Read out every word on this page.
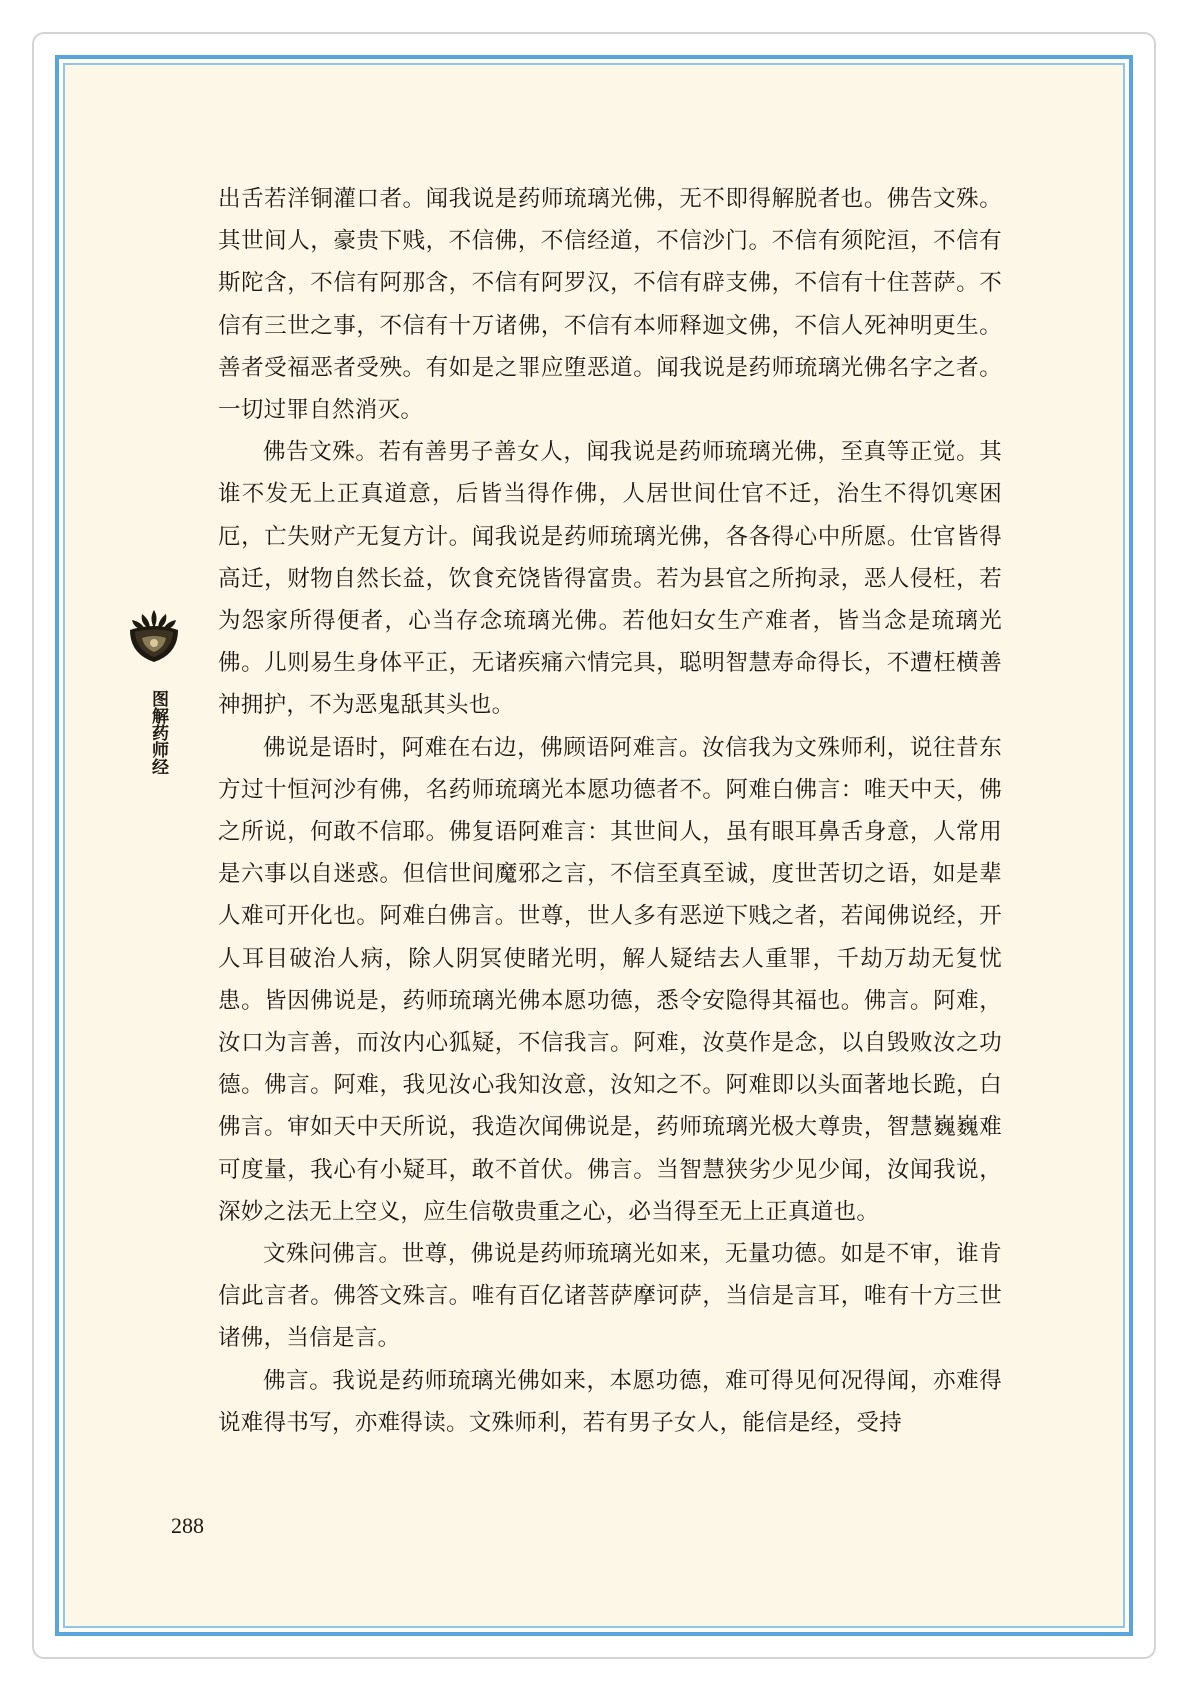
图解药师经

出舌若洋铜灌口者。闻我说是药师琉璃光佛，无不即得解脱者也。佛告文殊。其世间人，豪贵下贱，不信佛，不信经道，不信沙门。不信有须陀洹，不信有斯陀含，不信有阿那含，不信有阿罗汉，不信有辟支佛，不信有十住菩萨。不信有三世之事，不信有十万诸佛，不信有本师释迦文佛，不信人死神明更生。善者受福恶者受殃。有如是之罪应堕恶道。闻我说是药师琉璃光佛名字之者。一切过罪自然消灭。

佛告文殊。若有善男子善女人，闻我说是药师琉璃光佛，至真等正觉。其谁不发无上正真道意，后皆当得作佛，人居世间仕官不迁，治生不得饥寒困厄，亡失财产无复方计。闻我说是药师琉璃光佛，各各得心中所愿。仕官皆得高迁，财物自然长益，饮食充饶皆得富贵。若为县官之所拘录，恶人侵枉，若为怨家所得便者，心当存念琉璃光佛。若他妇女生产难者，皆当念是琉璃光佛。儿则易生身体平正，无诸疾痛六情完具，聪明智慧寿命得长，不遭枉横善神拥护，不为恶鬼舐其头也。

佛说是语时，阿难在右边，佛顾语阿难言。汝信我为文殊师利，说往昔东方过十恒河沙有佛，名药师琉璃光本愿功德者不。阿难白佛言：唯天中天，佛之所说，何敢不信耶。佛复语阿难言：其世间人，虽有眼耳鼻舌身意，人常用是六事以自迷惑。但信世间魔邪之言，不信至真至诚，度世苦切之语，如是辈人难可开化也。阿难白佛言。世尊，世人多有恶逆下贱之者，若闻佛说经，开人耳目破治人病，除人阴冥使睹光明，解人疑结去人重罪，千劫万劫无复忧患。皆因佛说是，药师琉璃光佛本愿功德，悉令安隐得其福也。佛言。阿难，汝口为言善，而汝内心狐疑，不信我言。阿难，汝莫作是念，以自毁败汝之功德。佛言。阿难，我见汝心我知汝意，汝知之不。阿难即以头面著地长跪，白佛言。审如天中天所说，我造次闻佛说是，药师琉璃光极大尊贵，智慧巍巍难可度量，我心有小疑耳，敢不首伏。佛言。当智慧狭劣少见少闻，汝闻我说，深妙之法无上空义，应生信敬贵重之心，必当得至无上正真道也。

文殊问佛言。世尊，佛说是药师琉璃光如来，无量功德。如是不审，谁肯信此言者。佛答文殊言。唯有百亿诸菩萨摩诃萨，当信是言耳，唯有十方三世诸佛，当信是言。

佛言。我说是药师琉璃光佛如来，本愿功德，难可得见何况得闻，亦难得说难得书写，亦难得读。文殊师利，若有男子女人，能信是经，受持

288
